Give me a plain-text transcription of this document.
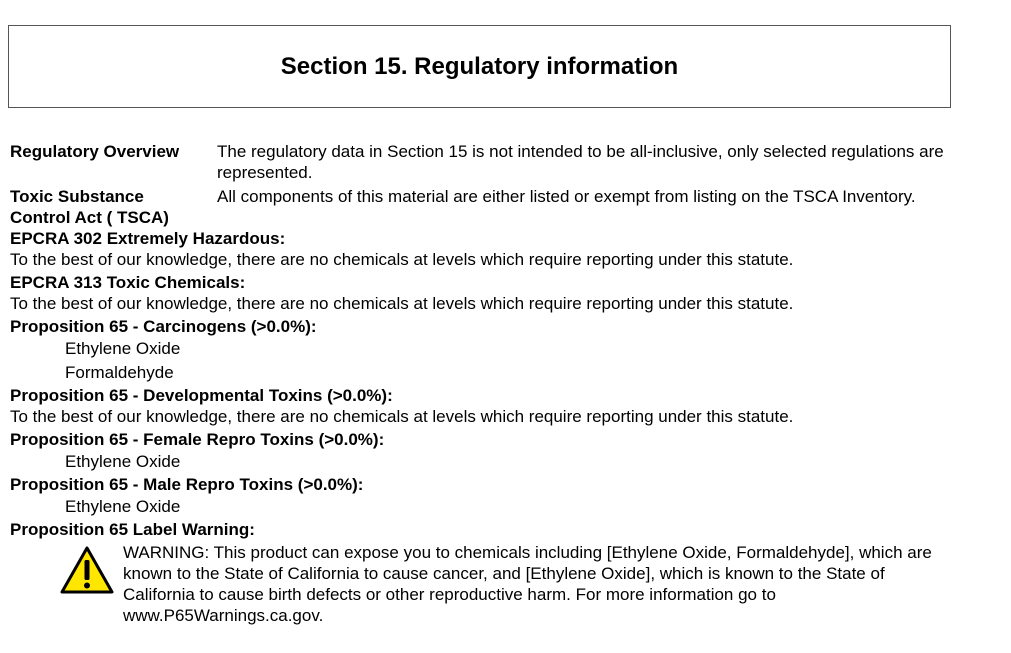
Section 15. Regulatory information
Regulatory Overview	The regulatory data in Section 15 is not intended to be all-inclusive, only selected regulations are represented.
Toxic Substance
Control Act ( TSCA)
All components of this material are either listed or exempt from listing on the TSCA Inventory.
EPCRA 302 Extremely Hazardous:
To the best of our knowledge, there are no chemicals at levels which require reporting under this statute.
EPCRA 313 Toxic Chemicals:
To the best of our knowledge, there are no chemicals at levels which require reporting under this statute.
Proposition 65 - Carcinogens (>0.0%):
Ethylene Oxide
Formaldehyde
Proposition 65 - Developmental Toxins (>0.0%):
To the best of our knowledge, there are no chemicals at levels which require reporting under this statute.
Proposition 65 - Female Repro Toxins (>0.0%):
Ethylene Oxide
Proposition 65 - Male Repro Toxins (>0.0%):
Ethylene Oxide
Proposition 65 Label Warning:
WARNING: This product can expose you to chemicals including [Ethylene Oxide, Formaldehyde], which are known to the State of California to cause cancer, and [Ethylene Oxide], which is known to the State of California to cause birth defects or other reproductive harm. For more information go to www.P65Warnings.ca.gov.
